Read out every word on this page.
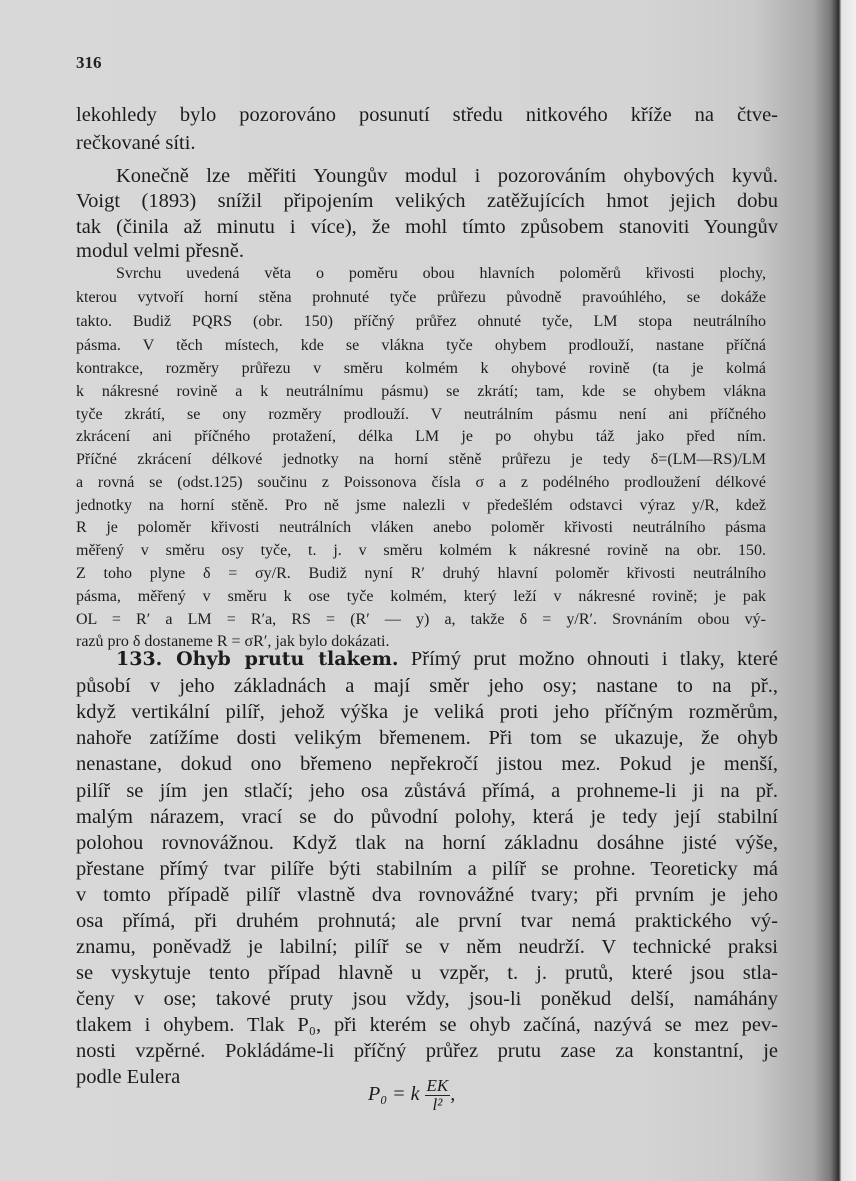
316
lekohledy bylo pozorováno posunutí středu nitkového kříže na čtve-
rečkované síti.
Konečně lze měřiti Youngův modul i pozorováním ohybových kyvů.
Voigt (1893) snížil připojením velikých zatěžujících hmot jejich dobu
tak (činila až minutu i více), že mohl tímto způsobem stanoviti Youngův
modul velmi přesně.
Svrchu uvedená věta o poměru obou hlavních poloměrů křivosti plochy,
kterou vytvoří horní stěna prohnuté tyče průřezu původně pravoúhlého, se dokáže
takto. Budiž PQRS (obr. 150) příčný průřez ohnuté tyče, LM stopa neutrálního
pásma. V těch místech, kde se vlákna tyče ohybem prodlouží, nastane příčná
kontrakce, rozměry průřezu v směru kolmém k ohybové rovině (ta je kolmá
k nákresné rovině a k neutrálnímu pásmu) se zkrátí; tam, kde se ohybem vlákna
tyče zkrátí, se ony rozměry prodlouží. V neutrálním pásmu není ani příčného
zkrácení ani příčného protažení, délka LM je po ohybu táž jako před ním.
Příčné zkrácení délkové jednotky na horní stěně průřezu je tedy δ=(LM—RS)/LM
a rovná se (odst.125) součinu z Poissonova čísla σ a z podélného prodloužení délkové
jednotky na horní stěně. Pro ně jsme nalezli v předešlém odstavci výraz y/R, kdež
R je poloměr křivosti neutrálních vláken anebo poloměr křivosti neutrálního pásma
měřený v směru osy tyče, t. j. v směru kolmém k nákresné rovině na obr. 150.
Z toho plyne δ = σy/R. Budiž nyní R′ druhý hlavní poloměr křivosti neutrálního
pásma, měřený v směru k ose tyče kolmém, který leží v nákresné rovině; je pak
OL = R′ a LM = R′a, RS = (R′ — y) a, takže δ = y/R′. Srovnáním obou vý-
razů pro δ dostaneme R = σR′, jak bylo dokázati.
133. Ohyb prutu tlakem. Přímý prut možno ohnouti i tlaky, které
působí v jeho základnách a mají směr jeho osy; nastane to na př.,
když vertikální pilíř, jehož výška je veliká proti jeho příčným rozměrům,
nahoře zatížíme dosti velikým břemenem. Při tom se ukazuje, že ohyb
nenastane, dokud ono břemeno nepřekročí jistou mez. Pokud je menší,
pilíř se jím jen stlačí; jeho osa zůstává přímá, a prohneme-li ji na př.
malým nárazem, vrací se do původní polohy, která je tedy její stabilní
polohou rovnovážnou. Když tlak na horní základnu dosáhne jisté výše,
přestane přímý tvar pilíře býti stabilním a pilíř se prohne. Teoreticky má
v tomto případě pilíř vlastně dva rovnovážné tvary; při prvním je jeho
osa přímá, při druhém prohnutá; ale první tvar nemá praktického vý-
znamu, poněvadž je labilní; pilíř se v něm neudrží. V technické praksi
se vyskytuje tento případ hlavně u vzpěr, t. j. prutů, které jsou stla-
čeny v ose; takové pruty jsou vždy, jsou-li poněkud delší, namáhány
tlakem i ohybem. Tlak P₀, při kterém se ohyb začíná, nazývá se mez pev-
nosti vzpěrné. Pokládáme-li příčný průřez prutu zase za konstantní, je
podle Eulera
P₀ = k $\frac{EK}{\text{l²}}$ ,
